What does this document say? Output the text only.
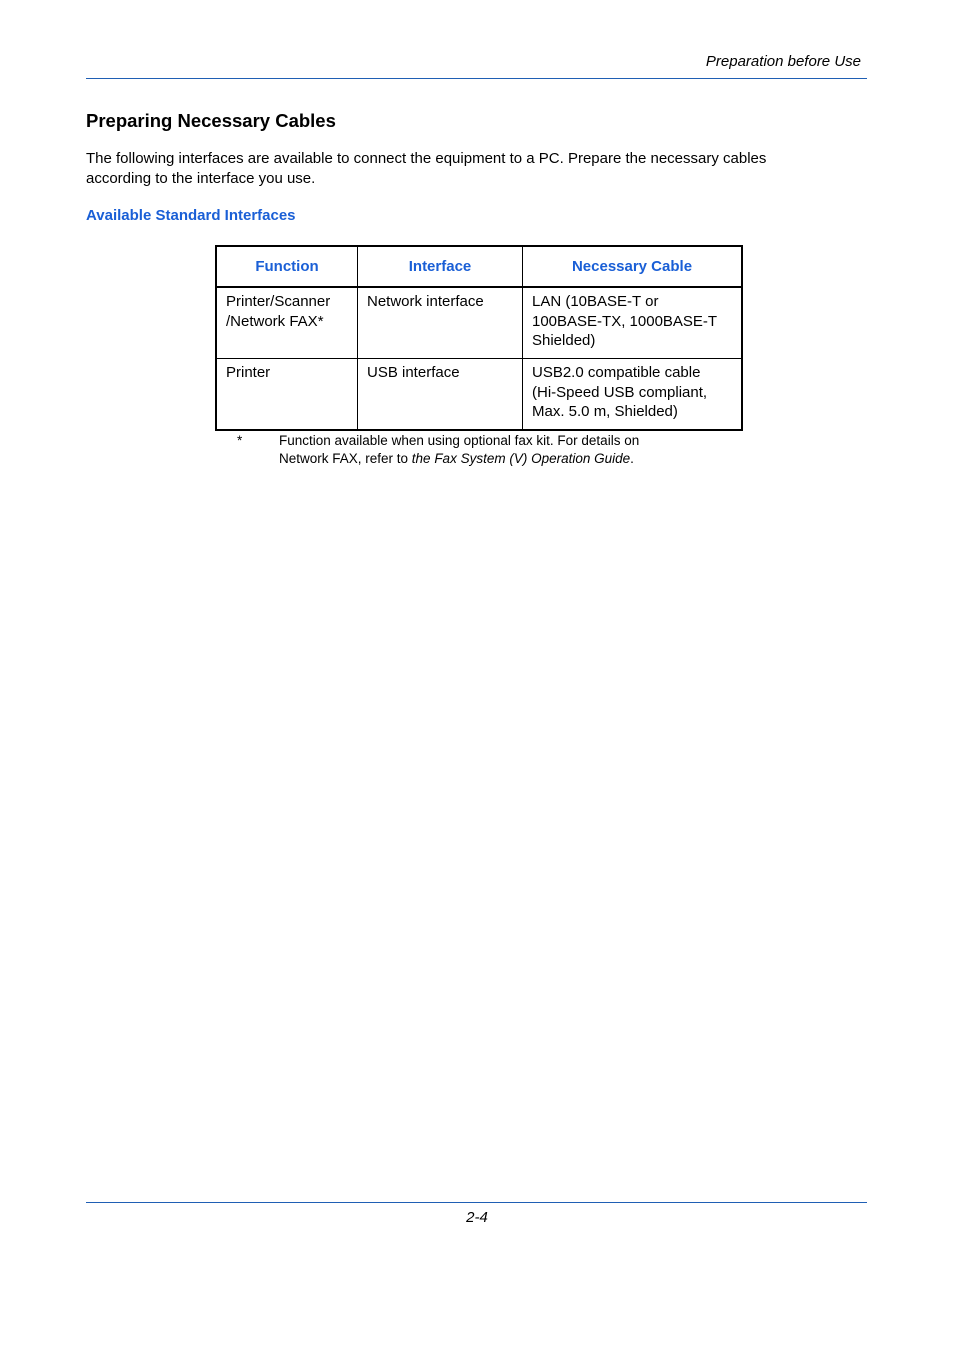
Preparation before Use
Preparing Necessary Cables

The following interfaces are available to connect the equipment to a PC. Prepare the necessary cables
according to the interface you use.

Available Standard Interfaces
Function	Interface	Necessary Cable

Printer/Scanner
/Network FAX*	Network interface	LAN (10BASE-T or
100BASE-TX, 1000BASE-T
Shielded)

Printer	USB interface	USB2.0 compatible cable
(Hi-Speed USB compliant,
Max. 5.0 m, Shielded)
*	Function available when using optional fax kit. For details on
Network FAX, refer to the Fax System (V) Operation Guide.
2-4
